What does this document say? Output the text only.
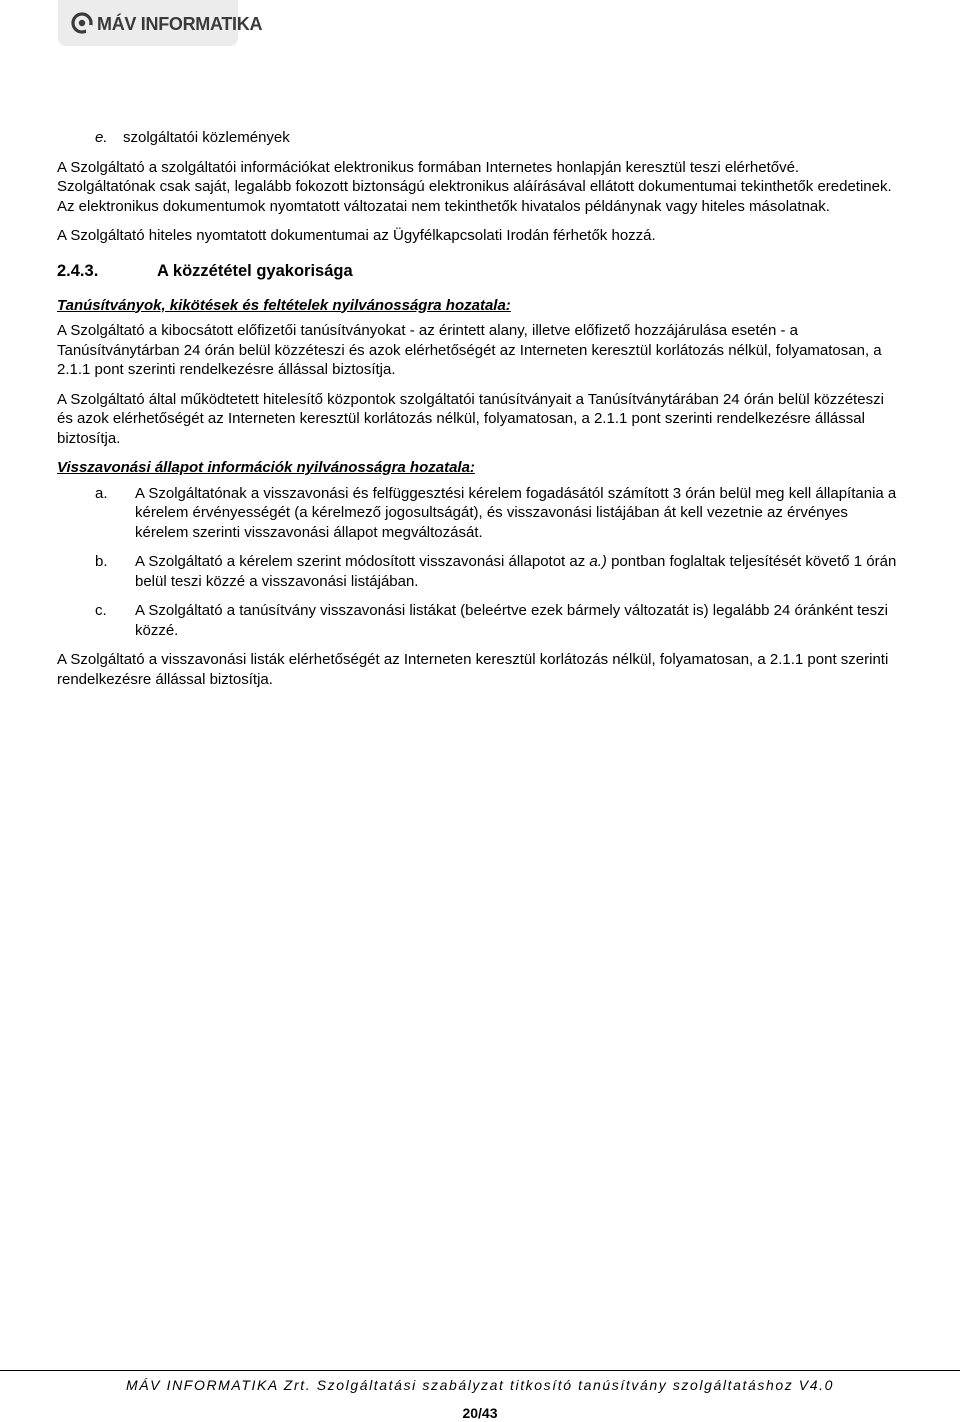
MÁV INFORMATIKA
e.	szolgáltatói közlemények

A Szolgáltató a szolgáltatói információkat elektronikus formában Internetes honlapján keresztül teszi elérhetővé. Szolgáltatónak csak saját, legalább fokozott biztonságú elektronikus aláírásával ellátott dokumentumai tekinthetők eredetinek. Az elektronikus dokumentumok nyomtatott változatai nem tekinthetők hivatalos példánynak vagy hiteles másolatnak.

A Szolgáltató hiteles nyomtatott dokumentumai az Ügyfélkapcsolati Irodán férhetők hozzá.

2.4.3.	A közzététel gyakorisága

Tanúsítványok, kikötések és feltételek nyilvánosságra hozatala:

A Szolgáltató a kibocsátott előfizetői tanúsítványokat - az érintett alany, illetve előfizető hozzájárulása esetén - a Tanúsítványtárban 24 órán belül közzéteszi és azok elérhetőségét az Interneten keresztül korlátozás nélkül, folyamatosan, a 2.1.1 pont szerinti rendelkezésre állással biztosítja.

A Szolgáltató által működtetett hitelesítő központok szolgáltatói tanúsítványait a Tanúsítványtárában 24 órán belül közzéteszi és azok elérhetőségét az Interneten keresztül korlátozás nélkül, folyamatosan, a 2.1.1 pont szerinti rendelkezésre állással biztosítja.

Visszavonási állapot információk nyilvánosságra hozatala:

a.	A Szolgáltatónak a visszavonási és felfüggesztési kérelem fogadásától számított 3 órán belül meg kell állapítania a kérelem érvényességét (a kérelmező jogosultságát), és visszavonási listájában át kell vezetnie az érvényes kérelem szerinti visszavonási állapot megváltozását.
b.	A Szolgáltató a kérelem szerint módosított visszavonási állapotot az a.) pontban foglaltak teljesítését követő 1 órán belül teszi közzé a visszavonási listájában.
c.	A Szolgáltató a tanúsítvány visszavonási listákat (beleértve ezek bármely változatát is) legalább 24 óránként teszi közzé.

A Szolgáltató a visszavonási listák elérhetőségét az Interneten keresztül korlátozás nélkül, folyamatosan, a 2.1.1 pont szerinti rendelkezésre állással biztosítja.

MÁV INFORMATIKA Zrt. Szolgáltatási szabályzat titkosító tanúsítvány szolgáltatáshoz V4.0
20/43
